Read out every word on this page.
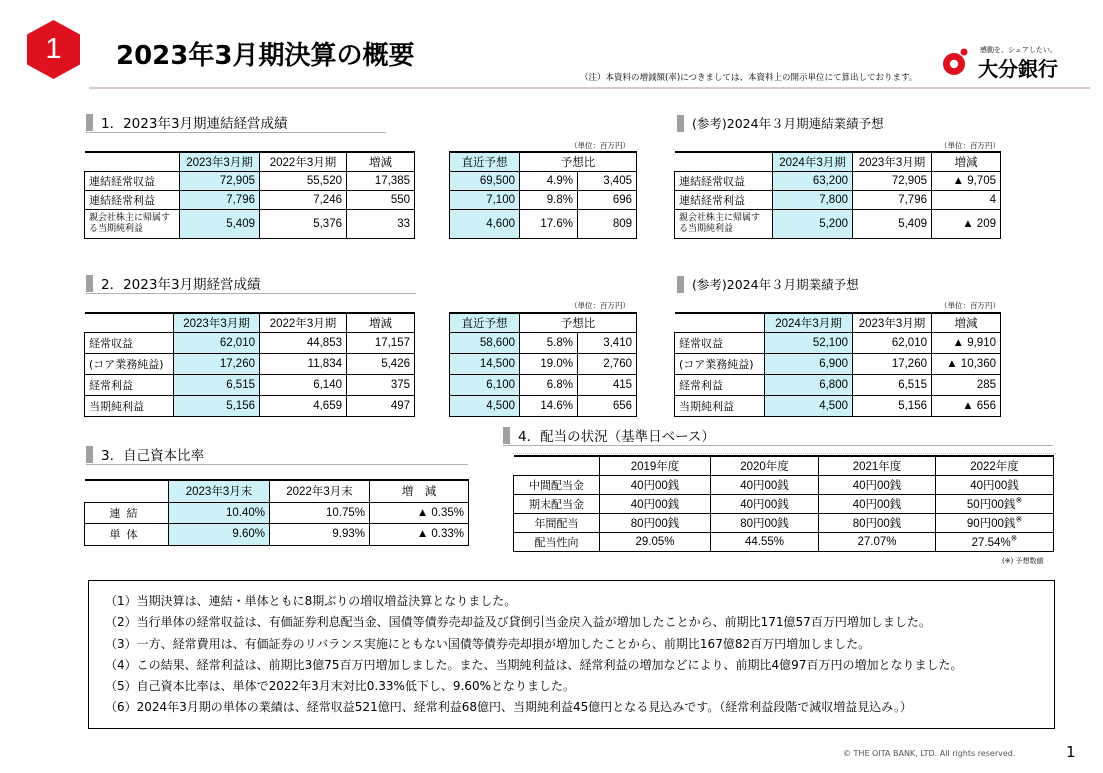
1	2023年3月期決算の概要	感動を、シェアしたい。
大分銀行
（注）本資料の増減額(率)につきましては、本資料上の開示単位にて算出しております。
1．2023年3月期連結経営成績
（単位：百万円）
	2023年3月期	2022年3月期	増減
連結経常収益	72,905	55,520	17,385
連結経常利益	7,796	7,246	550
親会社株主に帰属する当期純利益	5,409	5,376	33
直近予想	予想比	
69,500	4.9%	3,405
7,100	9.8%	696
4,600	17.6%	809
(参考)2024年３月期連結業績予想
（単位：百万円）
	2024年3月期	2023年3月期	増減
連結経常収益	63,200	72,905	▲ 9,705
連結経常利益	7,800	7,796	4
親会社株主に帰属する当期純利益	5,200	5,409	▲ 209
2．2023年3月期経営成績
（単位：百万円）
	2023年3月期	2022年3月期	増減
経常収益	62,010	44,853	17,157
(コア業務純益)	17,260	11,834	5,426
経常利益	6,515	6,140	375
当期純利益	5,156	4,659	497
直近予想	予想比	
58,600	5.8%	3,410
14,500	19.0%	2,760
6,100	6.8%	415
4,500	14.6%	656
(参考)2024年３月期業績予想
（単位：百万円）
	2024年3月期	2023年3月期	増減
経常収益	52,100	62,010	▲ 9,910
(コア業務純益)	6,900	17,260	▲ 10,360
経常利益	6,800	6,515	285
当期純利益	4,500	5,156	▲ 656
3．自己資本比率
	2023年3月末	2022年3月末	増　減
連結	10.40%	10.75%	▲ 0.35%
単体	9.60%	9.93%	▲ 0.33%
4．配当の状況（基準日ベース）
	2019年度	2020年度	2021年度	2022年度
中間配当金	40円00銭	40円00銭	40円00銭	40円00銭
期末配当金	40円00銭	40円00銭	40円00銭	50円00銭※
年間配当	80円00銭	80円00銭	80円00銭	90円00銭※
配当性向	29.05%	44.55%	27.07%	27.54%※
(※) 予想数値

（1）当期決算は、連結・単体ともに8期ぶりの増収増益決算となりました。

（2）当行単体の経常収益は、有価証券利息配当金、国債等債券売却益及び貸倒引当金戻入益が増加したことから、前期比171億57百万円増加しました。

（3）一方、経常費用は、有価証券のリバランス実施にともない国債等債券売却損が増加したことから、前期比167億82百万円増加しました。

（4）この結果、経常利益は、前期比3億75百万円増加しました。また、当期純利益は、経常利益の増加などにより、前期比4億97百万円の増加となりました。

（5）自己資本比率は、単体で2022年3月末対比0.33%低下し、9.60%となりました。

（6）2024年3月期の単体の業績は、経常収益521億円、経常利益68億円、当期純利益45億円となる見込みです。（経常利益段階で減収増益見込み。）

© THE OITA BANK, LTD. All rights reserved.	1
